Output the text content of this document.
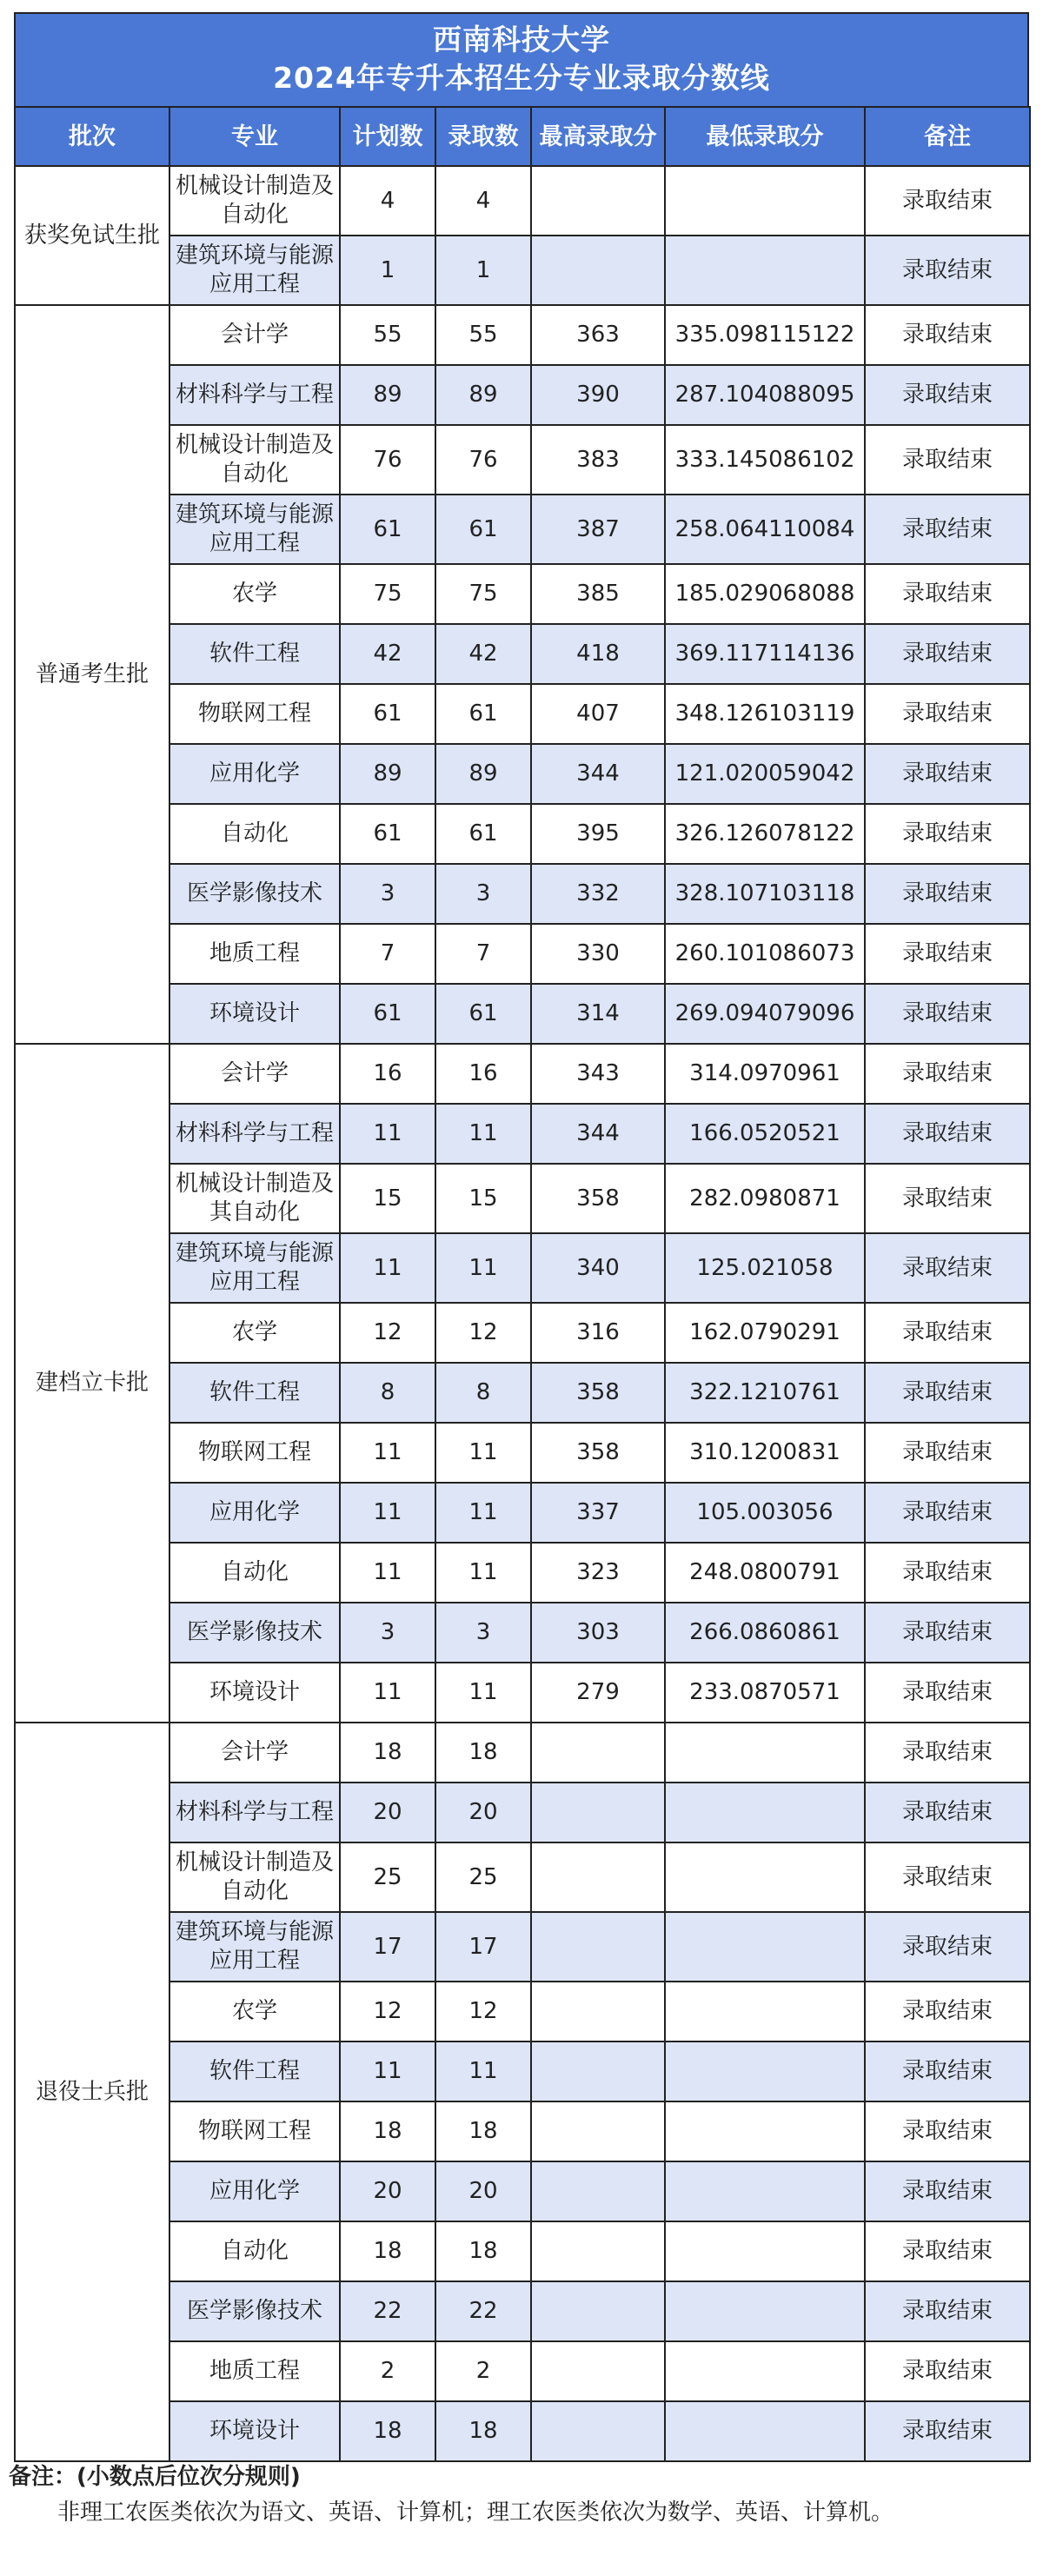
西南科技大学
2024年专升本招生分专业录取分数线
批次	专业	计划数	录取数	最高录取分	最低录取分	备注
获奖免试生批	机械设计制造及自动化	4	4			录取结束
	建筑环境与能源应用工程	1	1			录取结束
普通考生批	会计学	55	55	363	335.098115122	录取结束
	材料科学与工程	89	89	390	287.104088095	录取结束
	机械设计制造及自动化	76	76	383	333.145086102	录取结束
	建筑环境与能源应用工程	61	61	387	258.064110084	录取结束
	农学	75	75	385	185.029068088	录取结束
	软件工程	42	42	418	369.117114136	录取结束
	物联网工程	61	61	407	348.126103119	录取结束
	应用化学	89	89	344	121.020059042	录取结束
	自动化	61	61	395	326.126078122	录取结束
	医学影像技术	3	3	332	328.107103118	录取结束
	地质工程	7	7	330	260.101086073	录取结束
	环境设计	61	61	314	269.094079096	录取结束
建档立卡批	会计学	16	16	343	314.0970961	录取结束
	材料科学与工程	11	11	344	166.0520521	录取结束
	机械设计制造及其自动化	15	15	358	282.0980871	录取结束
	建筑环境与能源应用工程	11	11	340	125.021058	录取结束
	农学	12	12	316	162.0790291	录取结束
	软件工程	8	8	358	322.1210761	录取结束
	物联网工程	11	11	358	310.1200831	录取结束
	应用化学	11	11	337	105.003056	录取结束
	自动化	11	11	323	248.0800791	录取结束
	医学影像技术	3	3	303	266.0860861	录取结束
	环境设计	11	11	279	233.0870571	录取结束
退役士兵批	会计学	18	18			录取结束
	材料科学与工程	20	20			录取结束
	机械设计制造及自动化	25	25			录取结束
	建筑环境与能源应用工程	17	17			录取结束
	农学	12	12			录取结束
	软件工程	11	11			录取结束
	物联网工程	18	18			录取结束
	应用化学	20	20			录取结束
	自动化	18	18			录取结束
	医学影像技术	22	22			录取结束
	地质工程	2	2			录取结束
	环境设计	18	18			录取结束
备注：(小数点后位次分规则)
非理工农医类依次为语文、英语、计算机；理工农医类依次为数学、英语、计算机。
